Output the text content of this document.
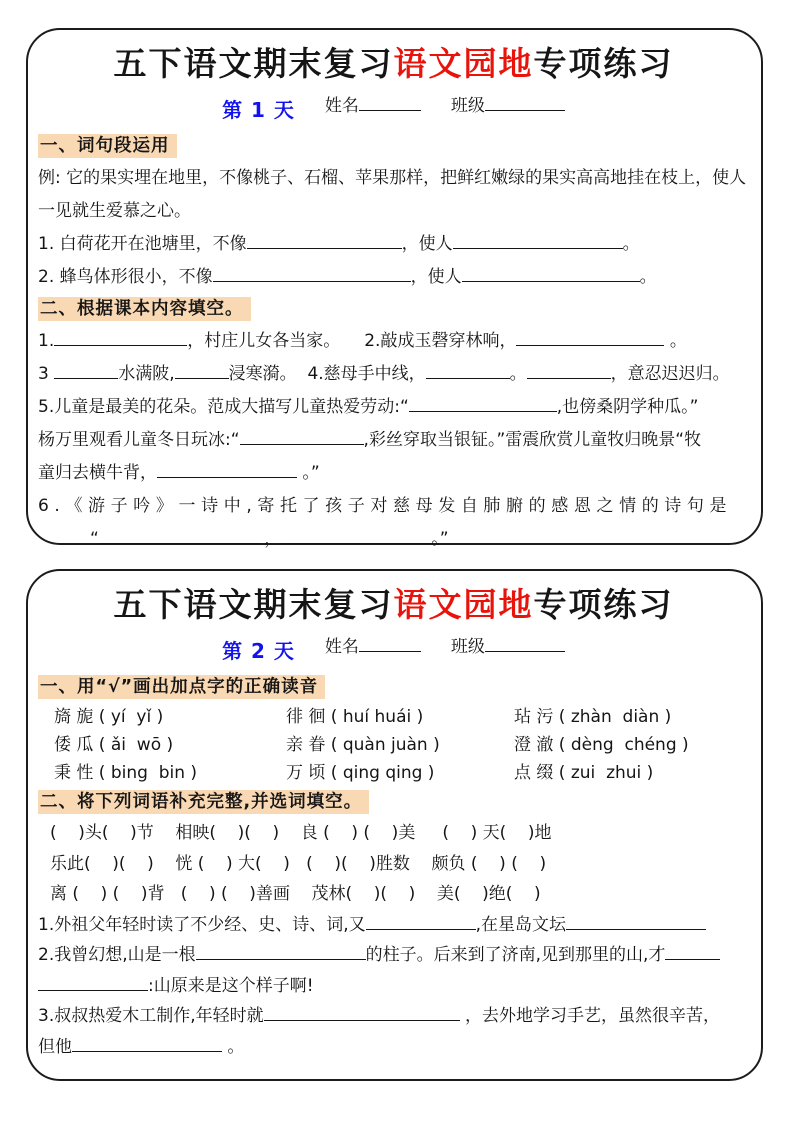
五下语文期末复习语文园地专项练习
第 1 天 姓名	班级
一、词句段运用
例: 它的果实埋在地里，不像桃子、石榴、苹果那样，把鲜红嫩绿的果实高高地挂在枝上，使人一见就生爱慕之心。
1. 白荷花开在池塘里，不像	，使人	。
2. 蜂鸟体形很小，不像	，使人	。
二、根据课本内容填空。
1.	，村庄儿女各当家。 2.敲成玉磬穿林响，	。
3	水满陂,	浸寒漪。  4.慈母手中线，	。	，意忍迟迟归。
5.儿童是最美的花朵。范成大描写儿童热爱劳动:“	,也傍桑阴学种瓜。”
杨万里观看儿童冬日玩冰:“	,彩丝穿取当银钲。”雷震欣赏儿童牧归晚景“牧
童归去横牛背，	。”
6.《游子吟》一诗中,寄托了孩子对慈母发自肺腑的感恩之情的诗句是
“	，	。”
五下语文期末复习语文园地专项练习
第 2 天 姓名	班级
一、用“√”画出加点字的正确读音
旖 旎 ( yí  yǐ )	徘 徊 ( huí huái )	玷 污 ( zhàn  diàn )
倭 瓜 ( ǎi  wō )	亲 眷 ( quàn juàn )	澄 澈 ( dèng  chéng )
秉 性 ( bing  bin )	万 顷 ( qing qing )	点 缀 ( zui  zhui )
二、将下列词语补充完整,并选词填空。
(    )头(    )节    相映(    )(    )    良 (    ) (    )美     (    ) 天(    )地
乐此(    )(    )    恍 (    ) 大(    )   (    )(    )胜数    颇负 (    ) (    )
离 (    ) (    )背   (    ) (    )善画    茂林(    )(    )    美(    )绝(    )
1.外祖父年轻时读了不少经、史、诗、词,又	,在星岛文坛
2.我曾幻想,山是一根	的柱子。后来到了济南,见到那里的山,才
:山原来是这个样子啊!
3.叔叔热爱木工制作,年轻时就	，去外地学习手艺，虽然很辛苦，
但他	。
